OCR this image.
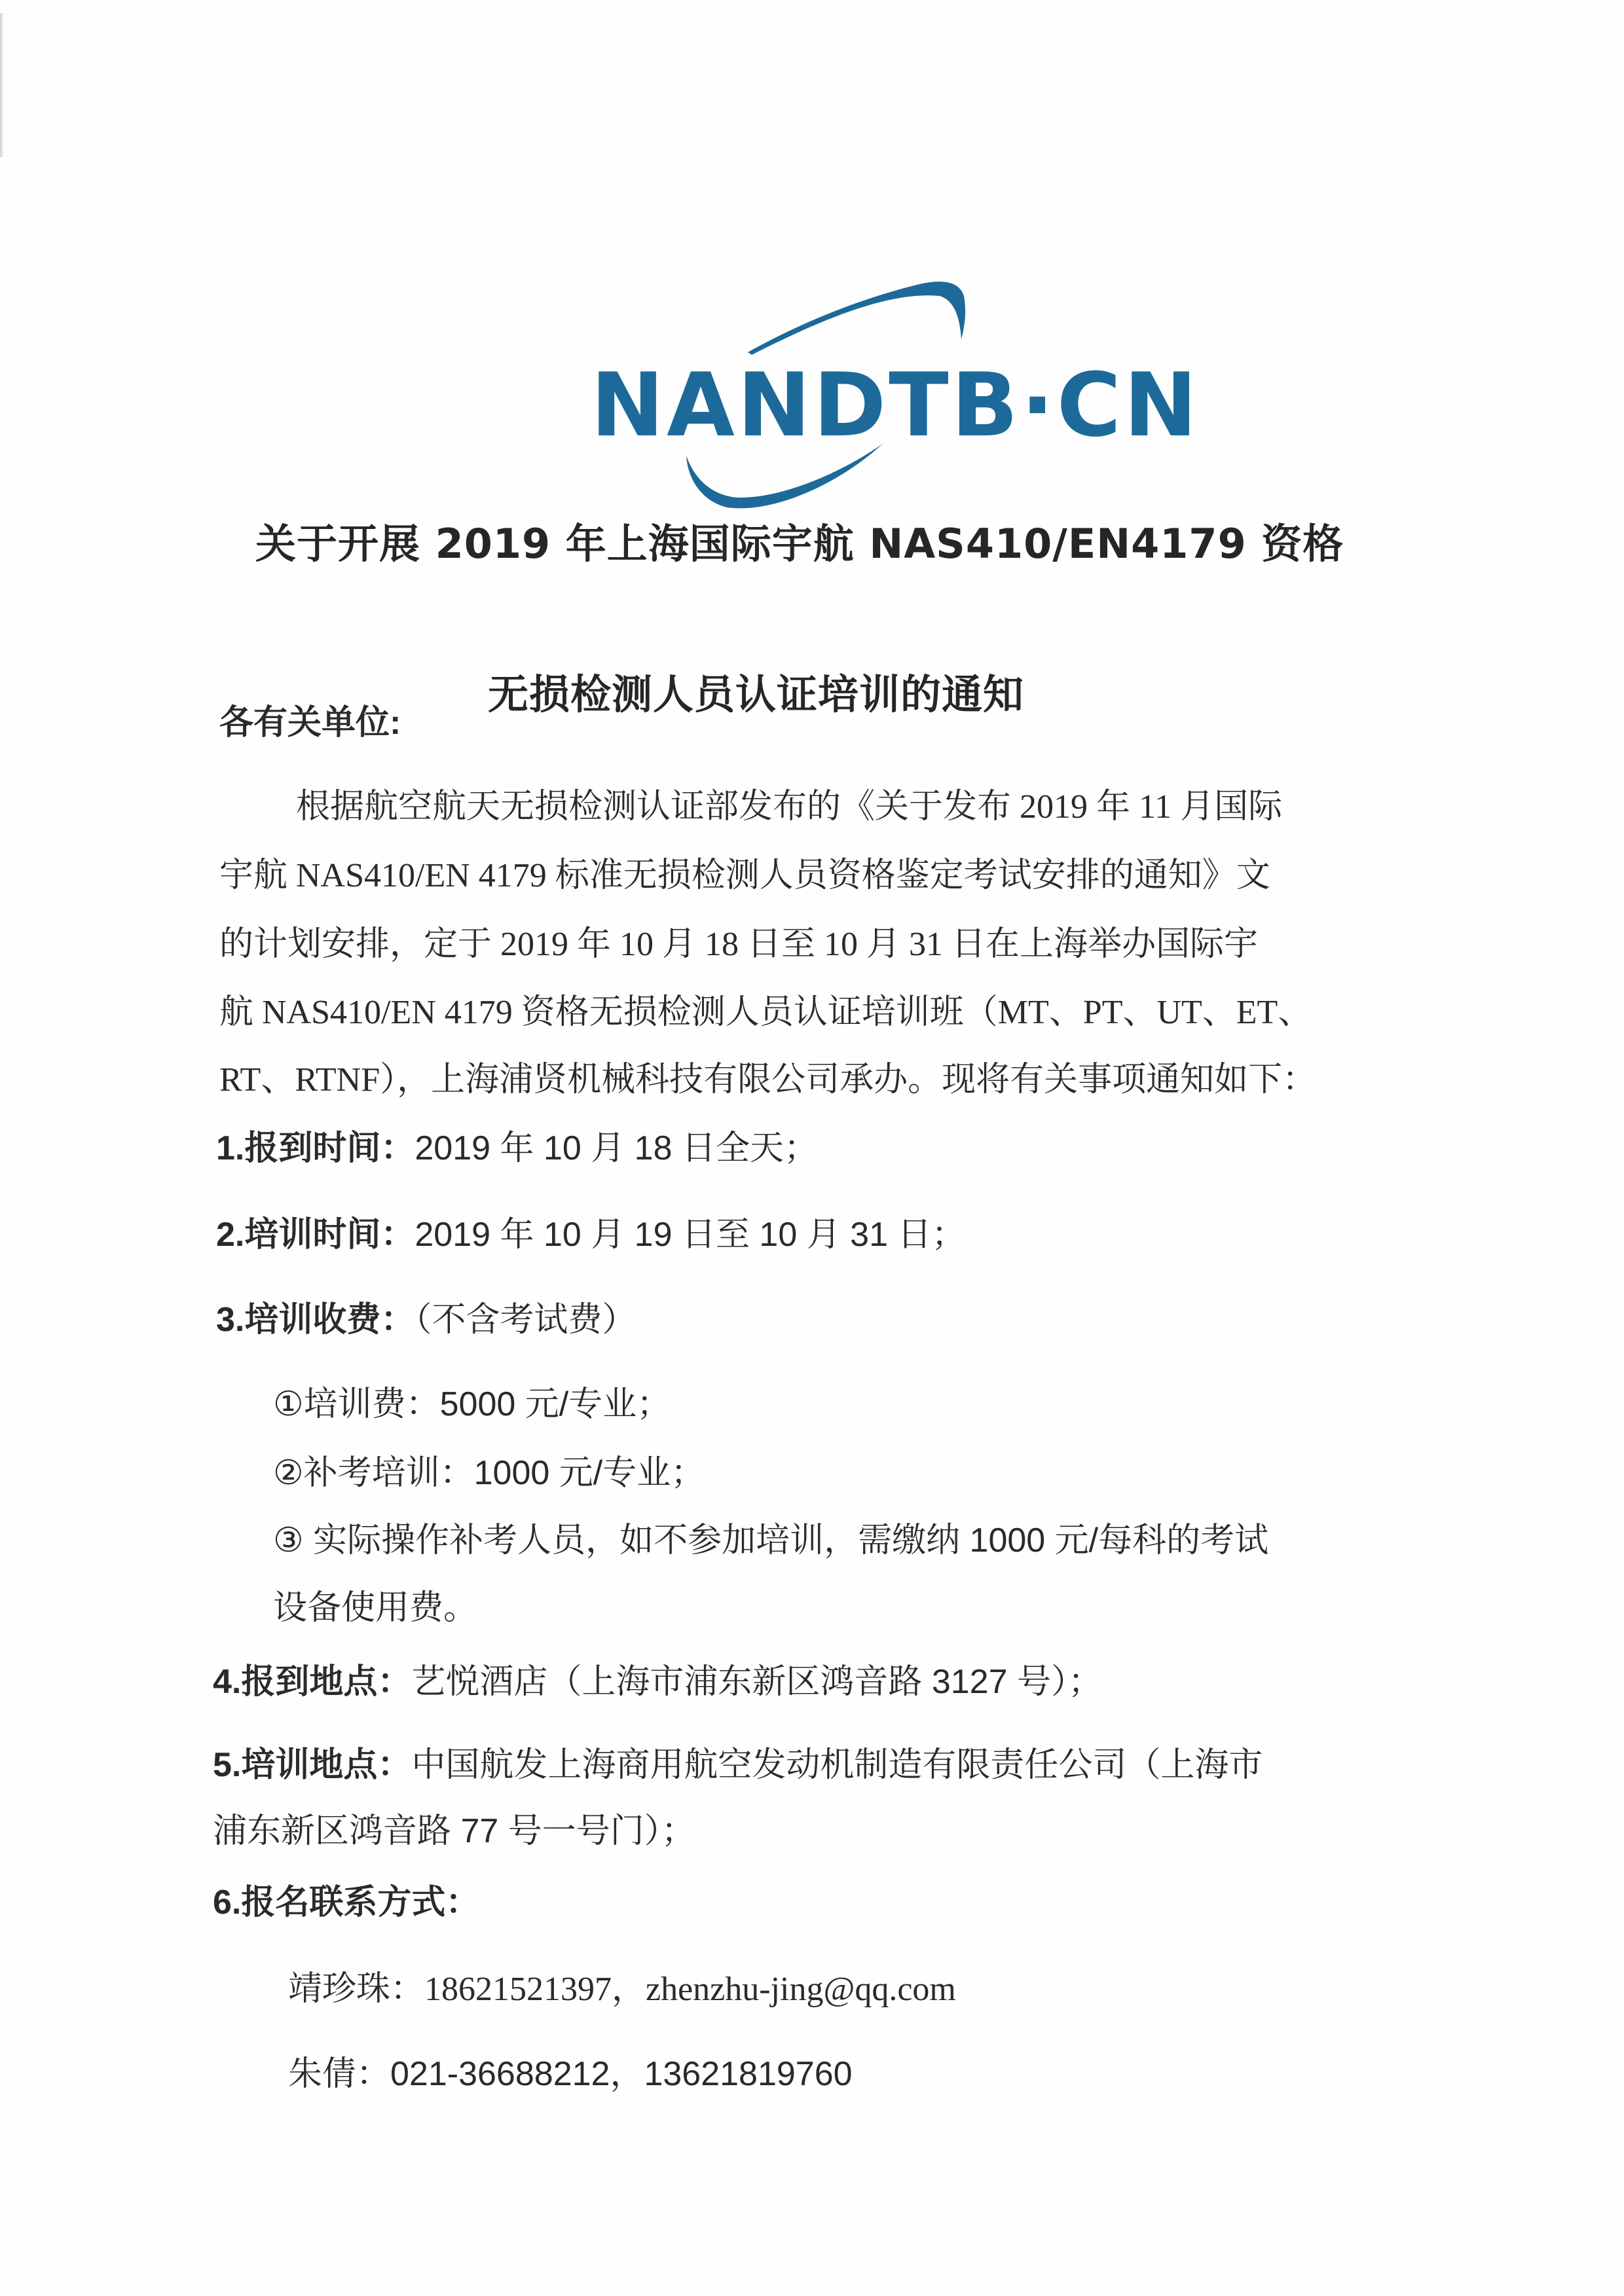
NANDTB·CN
关于开展 2019 年上海国际宇航 NAS410/EN4179 资格
无损检测人员认证培训的通知
各有关单位:
根据航空航天无损检测认证部发布的《关于发布 2019 年 11 月国际
宇航 NAS410/EN 4179 标准无损检测人员资格鉴定考试安排的通知》文
的计划安排，定于 2019 年 10 月 18 日至 10 月 31 日在上海举办国际宇
航 NAS410/EN 4179 资格无损检测人员认证培训班（MT、PT、UT、ET、
RT、RTNF），上海浦贤机械科技有限公司承办。现将有关事项通知如下：
1.报到时间：2019 年 10 月 18 日全天；
2.培训时间：2019 年 10 月 19 日至 10 月 31 日；
3.培训收费：（不含考试费）
①培训费：5000 元/专业；
②补考培训：1000 元/专业；
③ 实际操作补考人员，如不参加培训，需缴纳 1000 元/每科的考试
设备使用费。
4.报到地点：艺悦酒店（上海市浦东新区鸿音路 3127 号）；
5.培训地点：中国航发上海商用航空发动机制造有限责任公司（上海市
浦东新区鸿音路 77 号一号门）；
6.报名联系方式：
靖珍珠：18621521397，zhenzhu-jing@qq.com
朱倩：021-36688212，13621819760
